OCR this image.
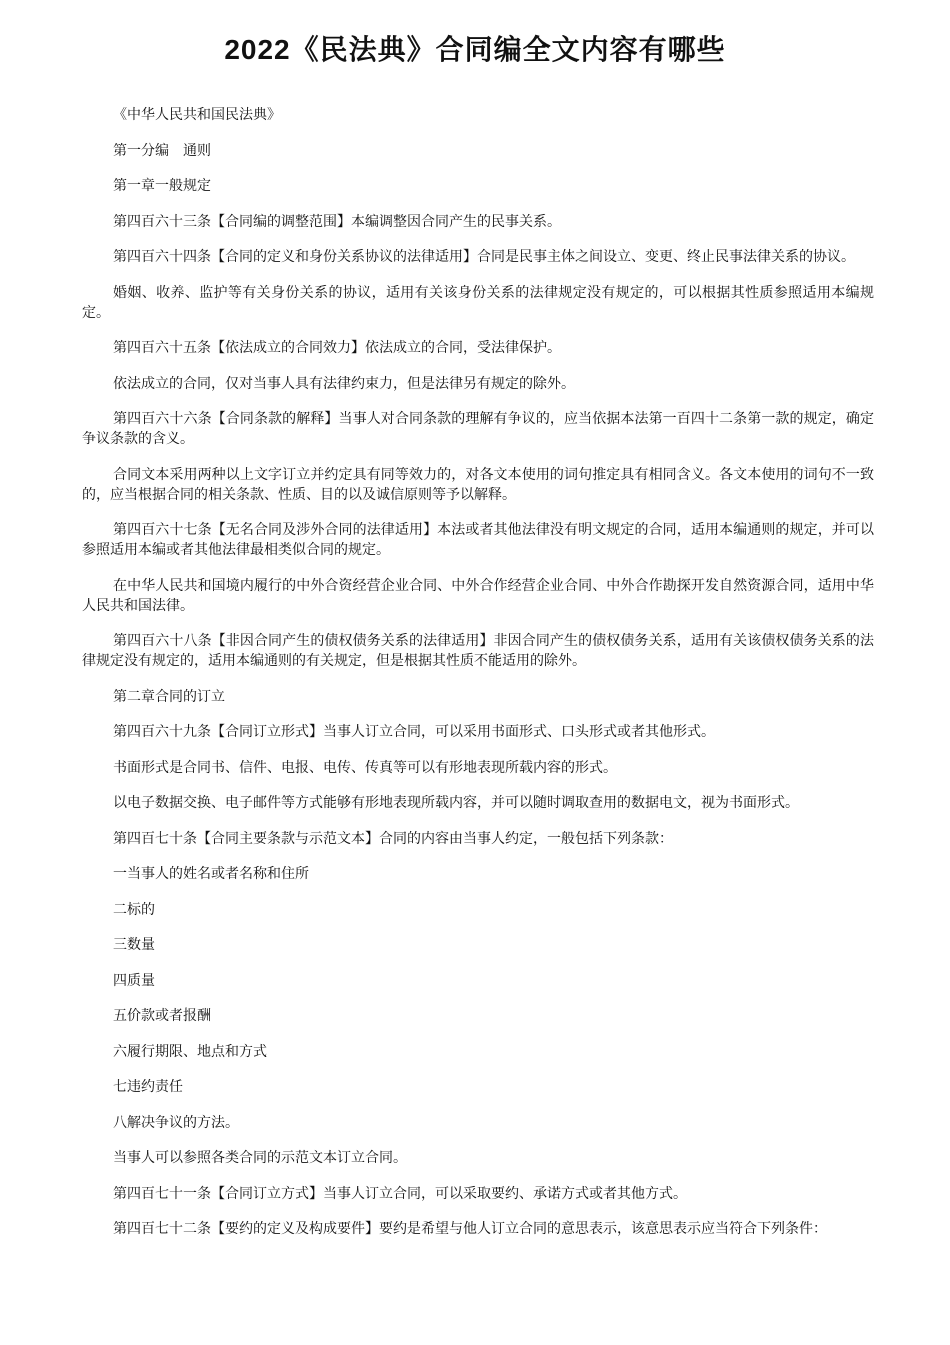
2022《民法典》合同编全文内容有哪些

《中华人民共和国民法典》

第一分编　通则

第一章一般规定

第四百六十三条【合同编的调整范围】本编调整因合同产生的民事关系。

第四百六十四条【合同的定义和身份关系协议的法律适用】合同是民事主体之间设立、变更、终止民事法律关系的协议。

婚姻、收养、监护等有关身份关系的协议，适用有关该身份关系的法律规定没有规定的，可以根据其性质参照适用本编规定。

第四百六十五条【依法成立的合同效力】依法成立的合同，受法律保护。

依法成立的合同，仅对当事人具有法律约束力，但是法律另有规定的除外。

第四百六十六条【合同条款的解释】当事人对合同条款的理解有争议的，应当依据本法第一百四十二条第一款的规定，确定争议条款的含义。

合同文本采用两种以上文字订立并约定具有同等效力的，对各文本使用的词句推定具有相同含义。各文本使用的词句不一致的，应当根据合同的相关条款、性质、目的以及诚信原则等予以解释。

第四百六十七条【无名合同及涉外合同的法律适用】本法或者其他法律没有明文规定的合同，适用本编通则的规定，并可以参照适用本编或者其他法律最相类似合同的规定。

在中华人民共和国境内履行的中外合资经营企业合同、中外合作经营企业合同、中外合作勘探开发自然资源合同，适用中华人民共和国法律。

第四百六十八条【非因合同产生的债权债务关系的法律适用】非因合同产生的债权债务关系，适用有关该债权债务关系的法律规定没有规定的，适用本编通则的有关规定，但是根据其性质不能适用的除外。

第二章合同的订立

第四百六十九条【合同订立形式】当事人订立合同，可以采用书面形式、口头形式或者其他形式。

书面形式是合同书、信件、电报、电传、传真等可以有形地表现所载内容的形式。

以电子数据交换、电子邮件等方式能够有形地表现所载内容，并可以随时调取查用的数据电文，视为书面形式。

第四百七十条【合同主要条款与示范文本】合同的内容由当事人约定，一般包括下列条款：

一当事人的姓名或者名称和住所

二标的

三数量

四质量

五价款或者报酬

六履行期限、地点和方式

七违约责任

八解决争议的方法。

当事人可以参照各类合同的示范文本订立合同。

第四百七十一条【合同订立方式】当事人订立合同，可以采取要约、承诺方式或者其他方式。

第四百七十二条【要约的定义及构成要件】要约是希望与他人订立合同的意思表示，该意思表示应当符合下列条件：
